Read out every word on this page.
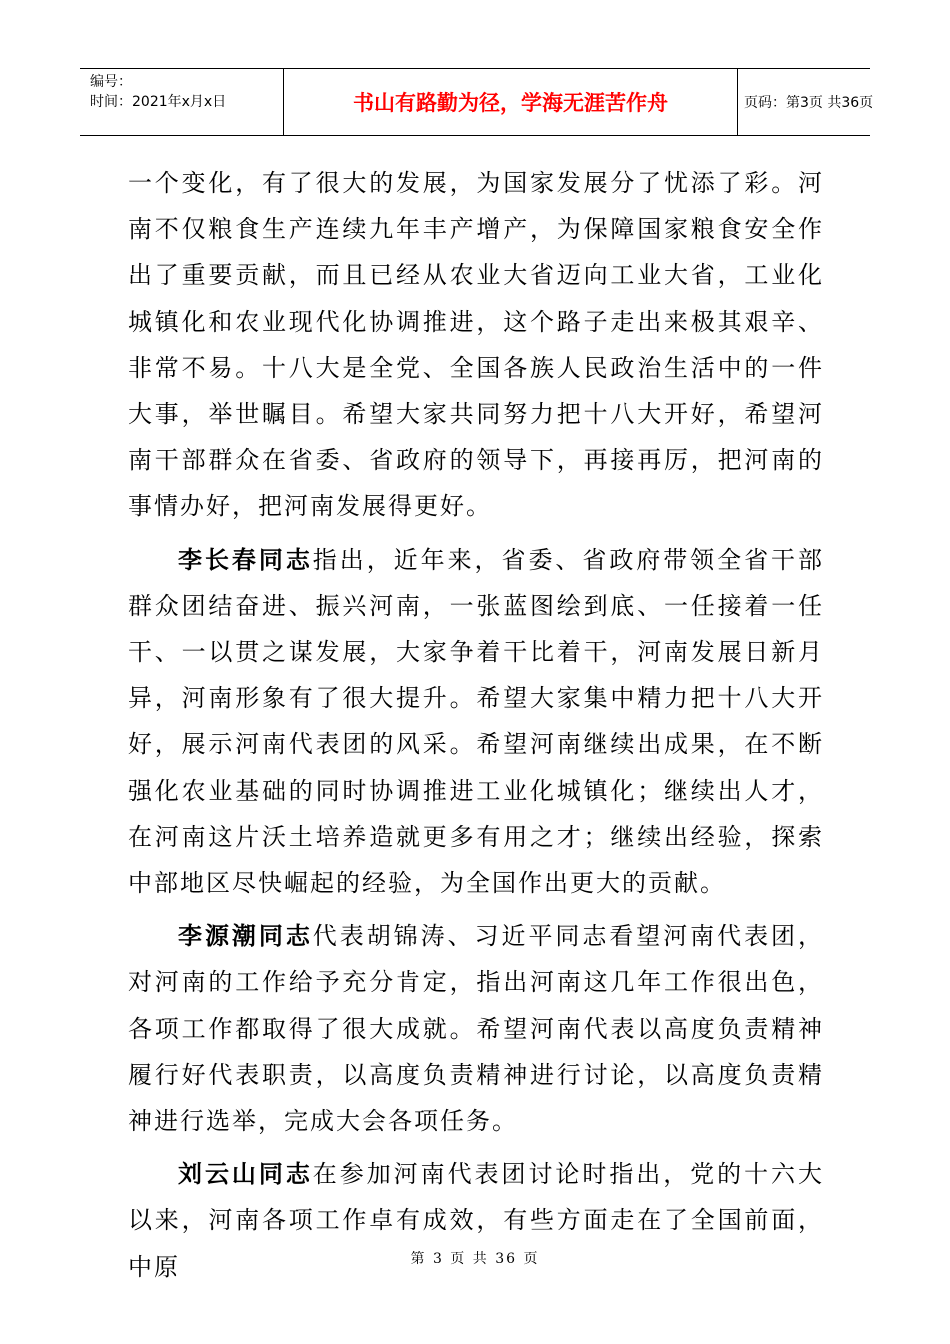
编号：
时间：2021年x月x日	书山有路勤为径，学海无涯苦作舟	页码：第3页 共36页

一个变化，有了很大的发展，为国家发展分了忧添了彩。河南不仅粮食生产连续九年丰产增产，为保障国家粮食安全作出了重要贡献，而且已经从农业大省迈向工业大省，工业化城镇化和农业现代化协调推进，这个路子走出来极其艰辛、非常不易。十八大是全党、全国各族人民政治生活中的一件大事，举世瞩目。希望大家共同努力把十八大开好，希望河南干部群众在省委、省政府的领导下，再接再厉，把河南的事情办好，把河南发展得更好。

李长春同志指出，近年来，省委、省政府带领全省干部群众团结奋进、振兴河南，一张蓝图绘到底、一任接着一任干、一以贯之谋发展，大家争着干比着干，河南发展日新月异，河南形象有了很大提升。希望大家集中精力把十八大开好，展示河南代表团的风采。希望河南继续出成果，在不断强化农业基础的同时协调推进工业化城镇化；继续出人才，在河南这片沃土培养造就更多有用之才；继续出经验，探索中部地区尽快崛起的经验，为全国作出更大的贡献。

李源潮同志代表胡锦涛、习近平同志看望河南代表团，对河南的工作给予充分肯定，指出河南这几年工作很出色，各项工作都取得了很大成就。希望河南代表以高度负责精神履行好代表职责，以高度负责精神进行讨论，以高度负责精神进行选举，完成大会各项任务。

刘云山同志在参加河南代表团讨论时指出，党的十六大以来，河南各项工作卓有成效，有些方面走在了全国前面，中原	第 3 页 共 36 页
